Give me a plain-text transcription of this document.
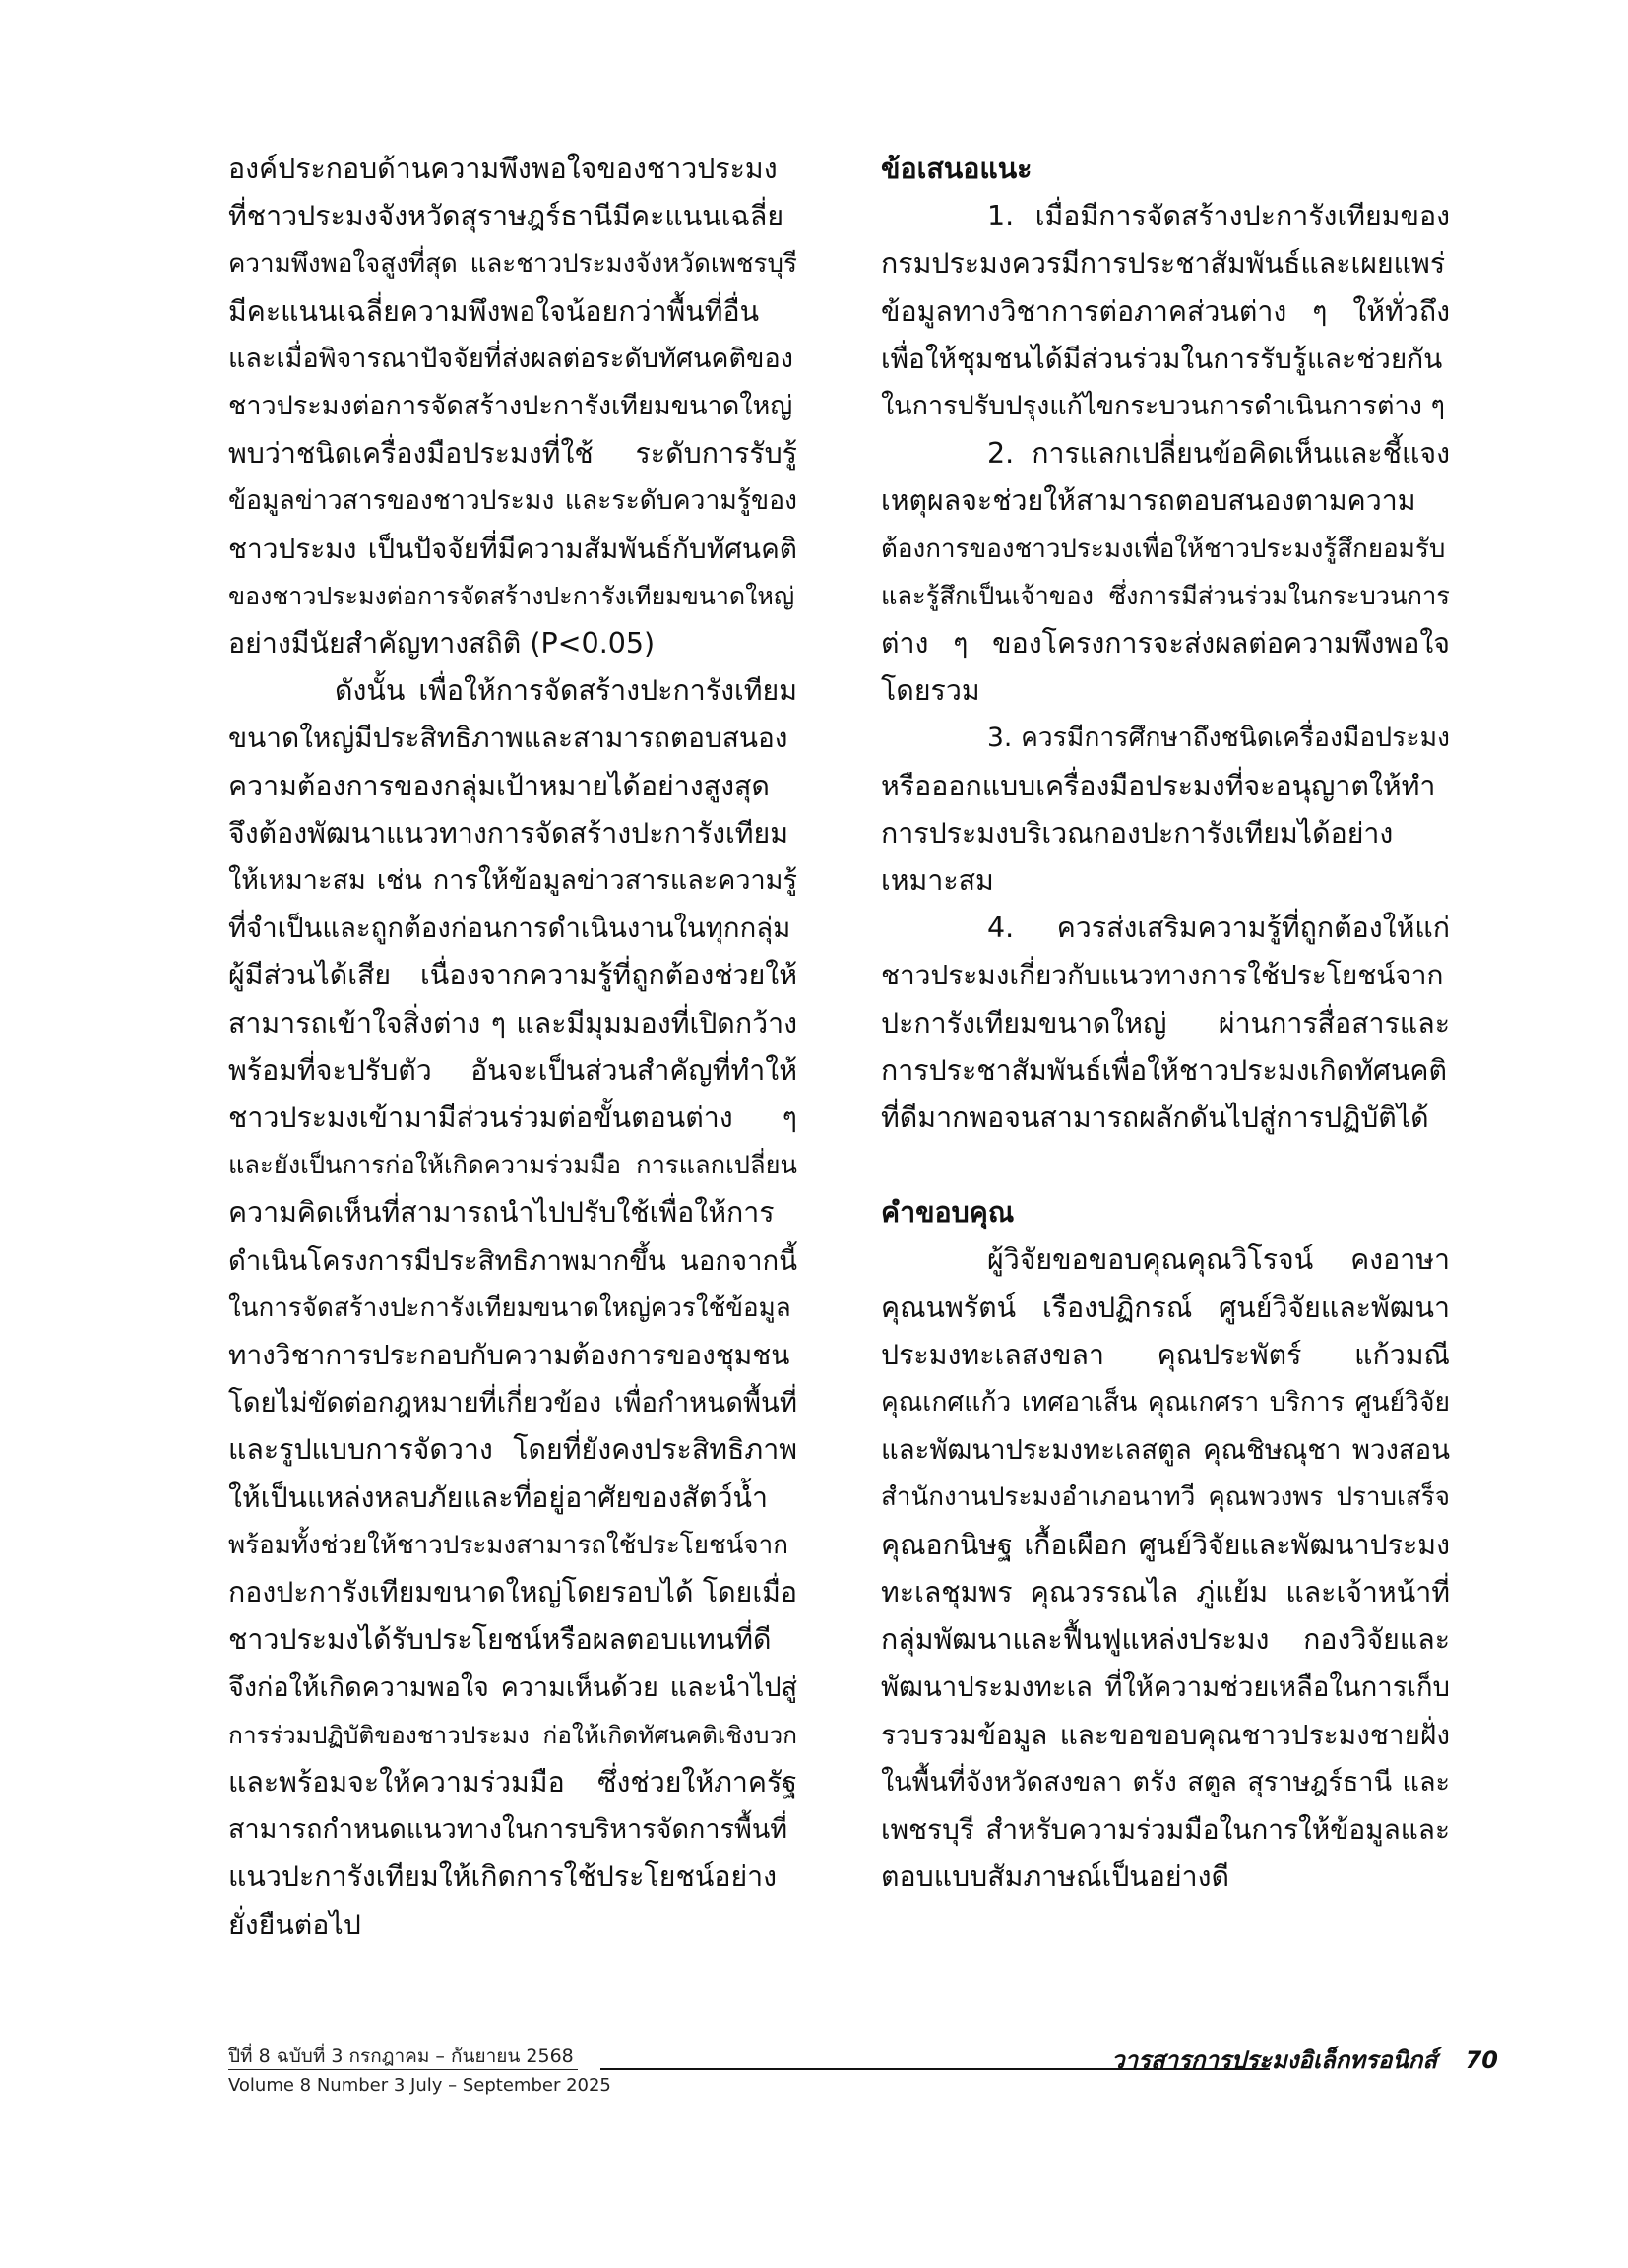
องค์ประกอบด้านความพึงพอใจของชาวประมง
ที่ชาวประมงจังหวัดสุราษฎร์ธานีมีคะแนนเฉลี่ย
ความพึงพอใจสูงที่สุด และชาวประมงจังหวัดเพชรบุรี
มีคะแนนเฉลี่ยความพึงพอใจน้อยกว่าพื้นที่อื่น
และเมื่อพิจารณาปัจจัยที่ส่งผลต่อระดับทัศนคติของ
ชาวประมงต่อการจัดสร้างปะการังเทียมขนาดใหญ่
พบว่าชนิดเครื่องมือประมงที่ใช้ ระดับการรับรู้
ข้อมูลข่าวสารของชาวประมง และระดับความรู้ของ
ชาวประมง เป็นปัจจัยที่มีความสัมพันธ์กับทัศนคติ
ของชาวประมงต่อการจัดสร้างปะการังเทียมขนาดใหญ่
อย่างมีนัยสำคัญทางสถิติ (P<0.05)
ดังนั้น เพื่อให้การจัดสร้างปะการังเทียม
ขนาดใหญ่มีประสิทธิภาพและสามารถตอบสนอง
ความต้องการของกลุ่มเป้าหมายได้อย่างสูงสุด
จึงต้องพัฒนาแนวทางการจัดสร้างปะการังเทียม
ให้เหมาะสม เช่น การให้ข้อมูลข่าวสารและความรู้
ที่จำเป็นและถูกต้องก่อนการดำเนินงานในทุกกลุ่ม
ผู้มีส่วนได้เสีย เนื่องจากความรู้ที่ถูกต้องช่วยให้
สามารถเข้าใจสิ่งต่าง ๆ และมีมุมมองที่เปิดกว้าง
พร้อมที่จะปรับตัว อันจะเป็นส่วนสำคัญที่ทำให้
ชาวประมงเข้ามามีส่วนร่วมต่อขั้นตอนต่าง ๆ
และยังเป็นการก่อให้เกิดความร่วมมือ การแลกเปลี่ยน
ความคิดเห็นที่สามารถนำไปปรับใช้เพื่อให้การ
ดำเนินโครงการมีประสิทธิภาพมากขึ้น นอกจากนี้
ในการจัดสร้างปะการังเทียมขนาดใหญ่ควรใช้ข้อมูล
ทางวิชาการประกอบกับความต้องการของชุมชน
โดยไม่ขัดต่อกฎหมายที่เกี่ยวข้อง เพื่อกำหนดพื้นที่
และรูปแบบการจัดวาง โดยที่ยังคงประสิทธิภาพ
ให้เป็นแหล่งหลบภัยและที่อยู่อาศัยของสัตว์น้ำ
พร้อมทั้งช่วยให้ชาวประมงสามารถใช้ประโยชน์จาก
กองปะการังเทียมขนาดใหญ่โดยรอบได้ โดยเมื่อ
ชาวประมงได้รับประโยชน์หรือผลตอบแทนที่ดี
จึงก่อให้เกิดความพอใจ ความเห็นด้วย และนำไปสู่
การร่วมปฏิบัติของชาวประมง ก่อให้เกิดทัศนคติเชิงบวก
และพร้อมจะให้ความร่วมมือ ซึ่งช่วยให้ภาครัฐ
สามารถกำหนดแนวทางในการบริหารจัดการพื้นที่
แนวปะการังเทียมให้เกิดการใช้ประโยชน์อย่าง
ยั่งยืนต่อไป
ข้อเสนอแนะ
1. เมื่อมีการจัดสร้างปะการังเทียมของ
กรมประมงควรมีการประชาสัมพันธ์และเผยแพร่
ข้อมูลทางวิชาการต่อภาคส่วนต่าง ๆ ให้ทั่วถึง
เพื่อให้ชุมชนได้มีส่วนร่วมในการรับรู้และช่วยกัน
ในการปรับปรุงแก้ไขกระบวนการดำเนินการต่าง ๆ
2. การแลกเปลี่ยนข้อคิดเห็นและชี้แจง
เหตุผลจะช่วยให้สามารถตอบสนองตามความ
ต้องการของชาวประมงเพื่อให้ชาวประมงรู้สึกยอมรับ
และรู้สึกเป็นเจ้าของ ซึ่งการมีส่วนร่วมในกระบวนการ
ต่าง ๆ ของโครงการจะส่งผลต่อความพึงพอใจ
โดยรวม
3. ควรมีการศึกษาถึงชนิดเครื่องมือประมง
หรือออกแบบเครื่องมือประมงที่จะอนุญาตให้ทำ
การประมงบริเวณกองปะการังเทียมได้อย่าง
เหมาะสม
4. ควรส่งเสริมความรู้ที่ถูกต้องให้แก่
ชาวประมงเกี่ยวกับแนวทางการใช้ประโยชน์จาก
ปะการังเทียมขนาดใหญ่ ผ่านการสื่อสารและ
การประชาสัมพันธ์เพื่อให้ชาวประมงเกิดทัศนคติ
ที่ดีมากพอจนสามารถผลักดันไปสู่การปฏิบัติได้
คำขอบคุณ
ผู้วิจัยขอขอบคุณคุณวิโรจน์ คงอาษา
คุณนพรัตน์ เรืองปฏิกรณ์ ศูนย์วิจัยและพัฒนา
ประมงทะเลสงขลา คุณประพัตร์ แก้วมณี
คุณเกศแก้ว เทศอาเส็น คุณเกศรา บริการ ศูนย์วิจัย
และพัฒนาประมงทะเลสตูล คุณชิษณุชา พวงสอน
สำนักงานประมงอำเภอนาทวี คุณพวงพร ปราบเสร็จ
คุณอกนิษฐ เกื้อเผือก ศูนย์วิจัยและพัฒนาประมง
ทะเลชุมพร คุณวรรณไล ภู่แย้ม และเจ้าหน้าที่
กลุ่มพัฒนาและฟื้นฟูแหล่งประมง กองวิจัยและ
พัฒนาประมงทะเล ที่ให้ความช่วยเหลือในการเก็บ
รวบรวมข้อมูล และขอขอบคุณชาวประมงชายฝั่ง
ในพื้นที่จังหวัดสงขลา ตรัง สตูล สุราษฎร์ธานี และ
เพชรบุรี สำหรับความร่วมมือในการให้ข้อมูลและ
ตอบแบบสัมภาษณ์เป็นอย่างดี
ปีที่ 8 ฉบับที่ 3 กรกฎาคม – กันยายน 2568
Volume 8 Number 3 July – September 2025
วารสารการประมงอิเล็กทรอนิกส์ 70
